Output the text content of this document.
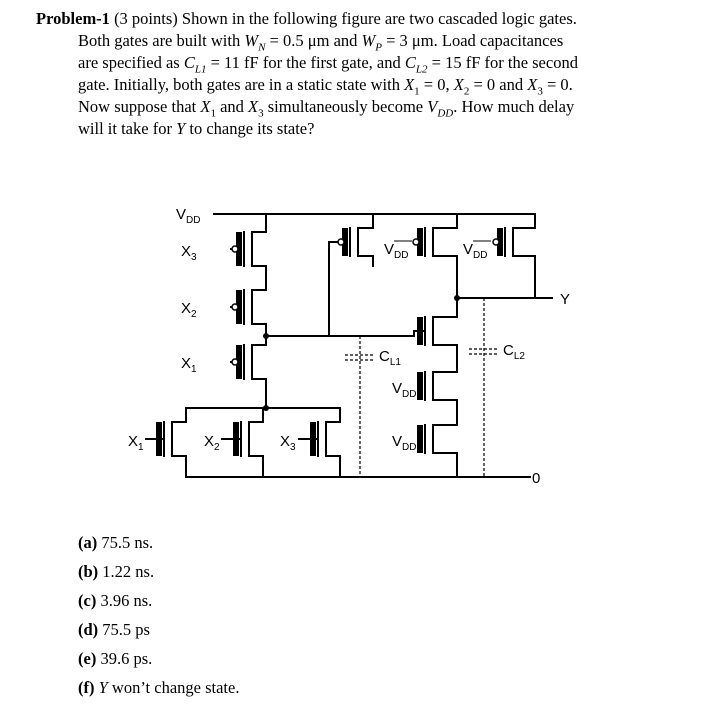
Problem-1 (3 points) Shown in the following figure are two cascaded logic gates.

Both gates are built with $W_N = 0.5$ μm and $W_P = 3$ μm. Load capacitances

are specified as $C_{L1} = 11$ fF for the first gate, and $C_{L2} = 15$ fF for the second

gate. Initially, both gates are in a static state with $X_1 = 0$, $X_2 = 0$ and $X_3 = 0$.

Now suppose that $X_1$ and $X_3$ simultaneously become $V_{DD}$. How much delay

will it take for Y to change its state?

$V_{DD}$
$X_3$
$X_2$
$X_1$
$X_1$	$X_2$	$X_3$
$V_{DD}$	$V_{DD}$
$V_{DD}$
$V_{DD}$
$C_{L1}$
$C_{L2}$
Y
0
(a) 75.5 ns.
(b) 1.22 ns.
(c) 3.96 ns.
(d) 75.5 ps
(e) 39.6 ps.
(f) Y won’t change state.
